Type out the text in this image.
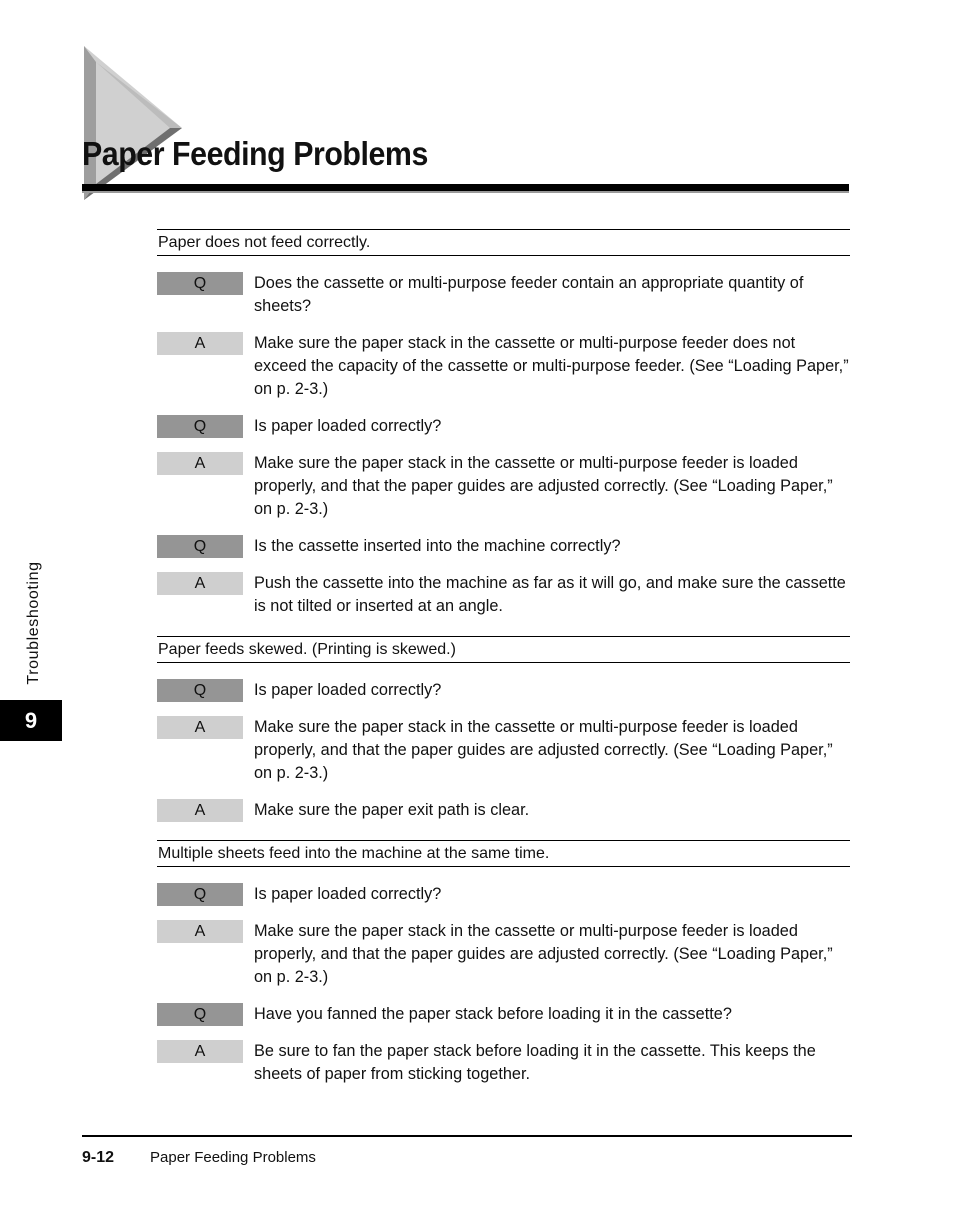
Paper Feeding Problems
Paper does not feed correctly.
Q	Does the cassette or multi-purpose feeder contain an appropriate quantity of sheets?
A	Make sure the paper stack in the cassette or multi-purpose feeder does not exceed the capacity of the cassette or multi-purpose feeder. (See “Loading Paper,” on p. 2-3.)
Q	Is paper loaded correctly?
A	Make sure the paper stack in the cassette or multi-purpose feeder is loaded properly, and that the paper guides are adjusted correctly. (See “Loading Paper,” on p. 2-3.)
Q	Is the cassette inserted into the machine correctly?
A	Push the cassette into the machine as far as it will go, and make sure the cassette is not tilted or inserted at an angle.
Paper feeds skewed. (Printing is skewed.)
Q	Is paper loaded correctly?
A	Make sure the paper stack in the cassette or multi-purpose feeder is loaded properly, and that the paper guides are adjusted correctly. (See “Loading Paper,” on p. 2-3.)
A	Make sure the paper exit path is clear.
Multiple sheets feed into the machine at the same time.
Q	Is paper loaded correctly?
A	Make sure the paper stack in the cassette or multi-purpose feeder is loaded properly, and that the paper guides are adjusted correctly. (See “Loading Paper,” on p. 2-3.)
Q	Have you fanned the paper stack before loading it in the cassette?
A	Be sure to fan the paper stack before loading it in the cassette. This keeps the sheets of paper from sticking together.
Troubleshooting
9
9-12 Paper Feeding Problems
